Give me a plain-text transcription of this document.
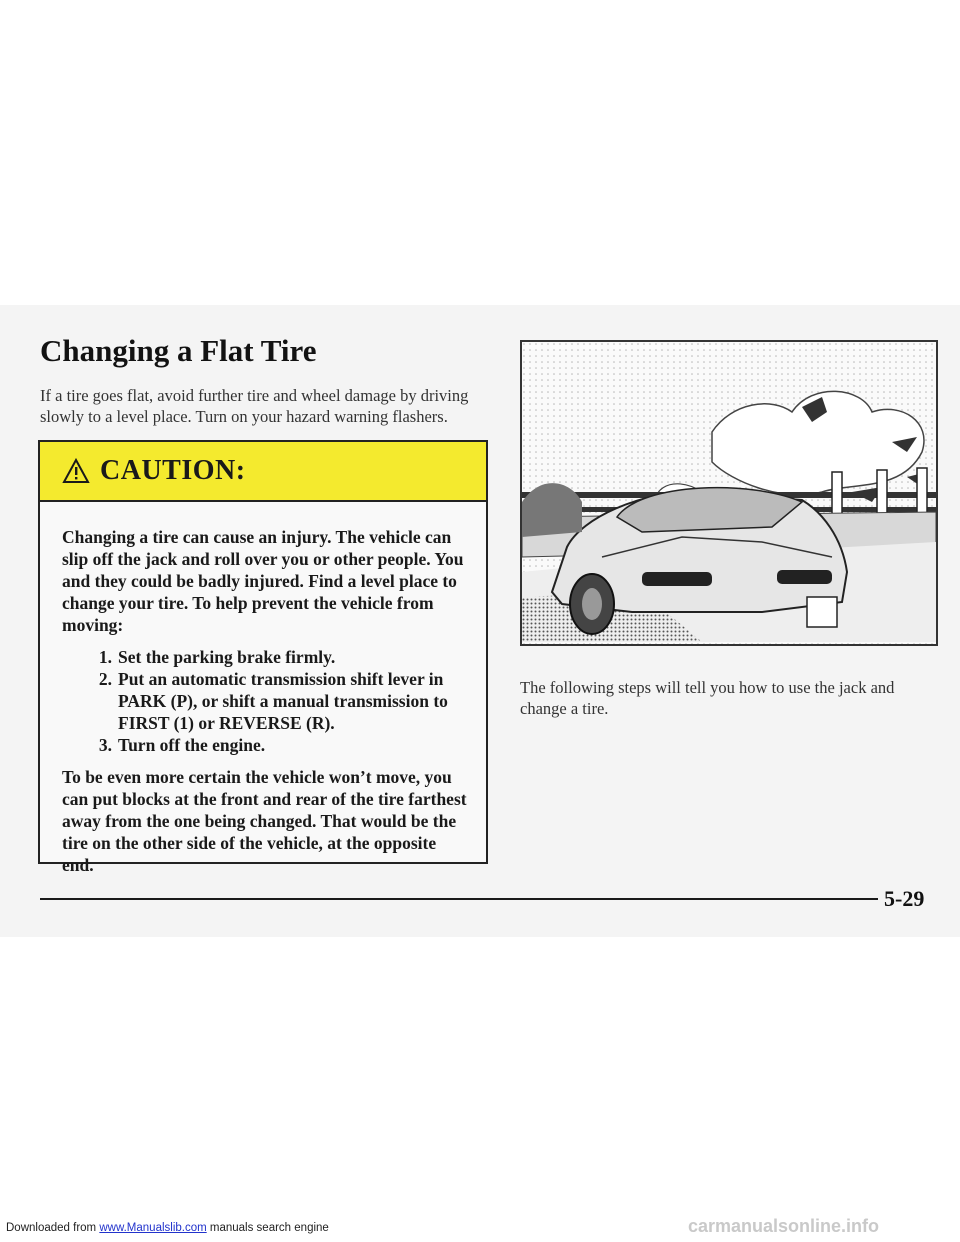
Changing a Flat Tire

If a tire goes flat, avoid further tire and wheel damage by driving slowly to a level place. Turn on your hazard warning flashers.

CAUTION:

Changing a tire can cause an injury. The vehicle can slip off the jack and roll over you or other people. You and they could be badly injured. Find a level place to change your tire. To help prevent the vehicle from moving:

1. Set the parking brake firmly.
2. Put an automatic transmission shift lever in PARK (P), or shift a manual transmission to FIRST (1) or REVERSE (R).
3. Turn off the engine.

To be even more certain the vehicle won’t move, you can put blocks at the front and rear of the tire farthest away from the one being changed. That would be the tire on the other side of the vehicle, at the opposite end.

The following steps will tell you how to use the jack and change a tire.

5-29
Downloaded from www.Manualslib.com manuals search engine	carmanualsonline.info
